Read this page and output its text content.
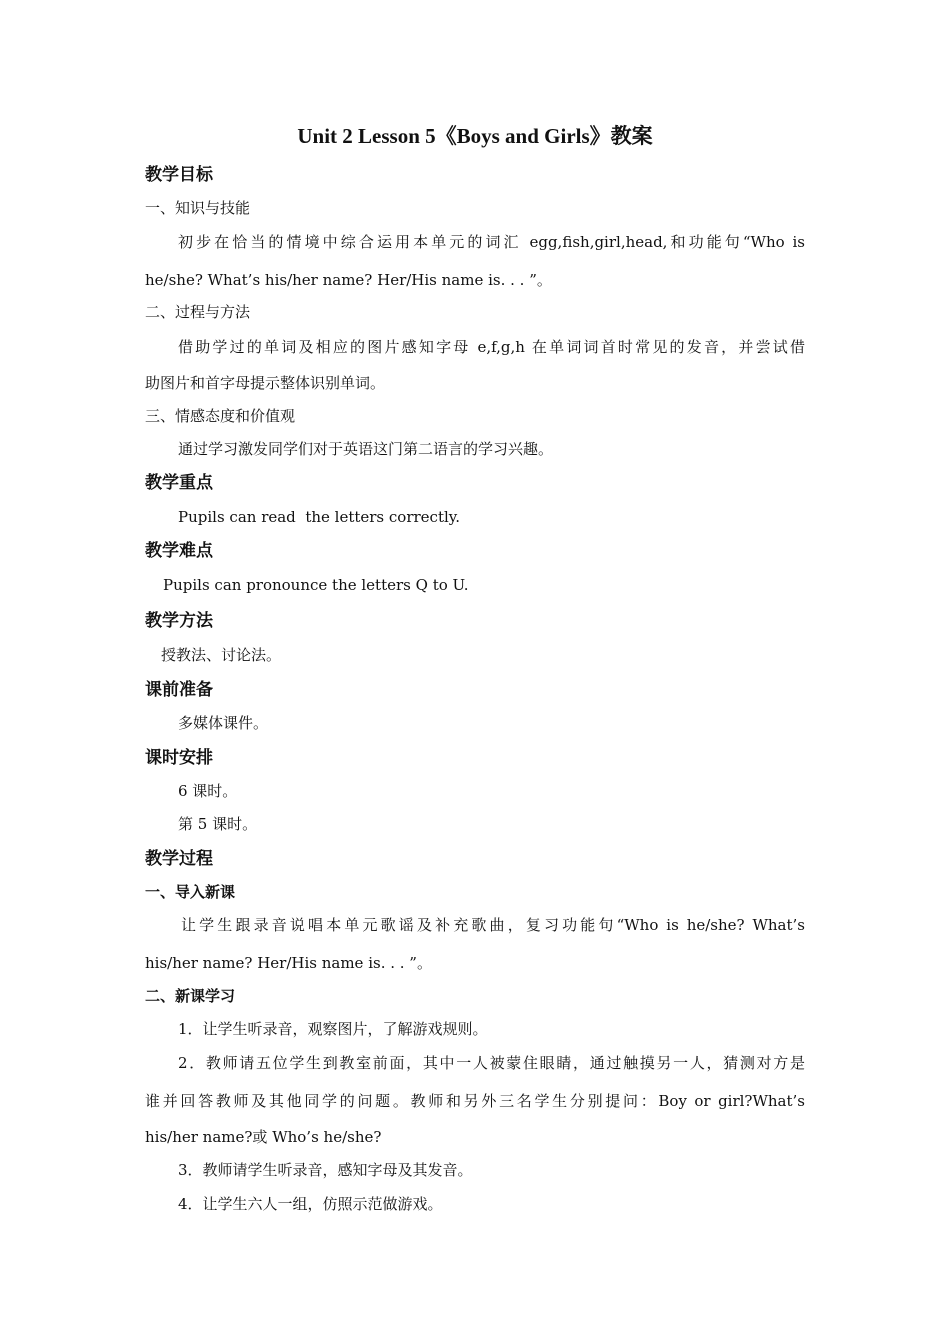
Unit 2 Lesson 5《Boys and Girls》教案
教学目标
一、知识与技能
初步在恰当的情境中综合运用本单元的词汇 egg,fish,girl,head,和功能句“Who is
he/she? What’s his/her name? Her/His name is. . . ”。
二、过程与方法
借助学过的单词及相应的图片感知字母 e,f,g,h 在单词词首时常见的发音，并尝试借
助图片和首字母提示整体识别单词。
三、情感态度和价值观
通过学习激发同学们对于英语这门第二语言的学习兴趣。
教学重点
Pupils can read  the letters correctly.
教学难点
Pupils can pronounce the letters Q to U.
教学方法
授教法、讨论法。
课前准备
多媒体课件。
课时安排
6 课时。
第 5 课时。
教学过程
一、导入新课
让学生跟录音说唱本单元歌谣及补充歌曲，复习功能句“Who is he/she? What’s
his/her name? Her/His name is. . . ”。
二、新课学习
1．让学生听录音，观察图片，了解游戏规则。
2．教师请五位学生到教室前面，其中一人被蒙住眼睛，通过触摸另一人，猜测对方是
谁并回答教师及其他同学的问题。教师和另外三名学生分别提问：Boy or girl?What’s
his/her name?或 Who’s he/she?
3．教师请学生听录音，感知字母及其发音。
4．让学生六人一组，仿照示范做游戏。
